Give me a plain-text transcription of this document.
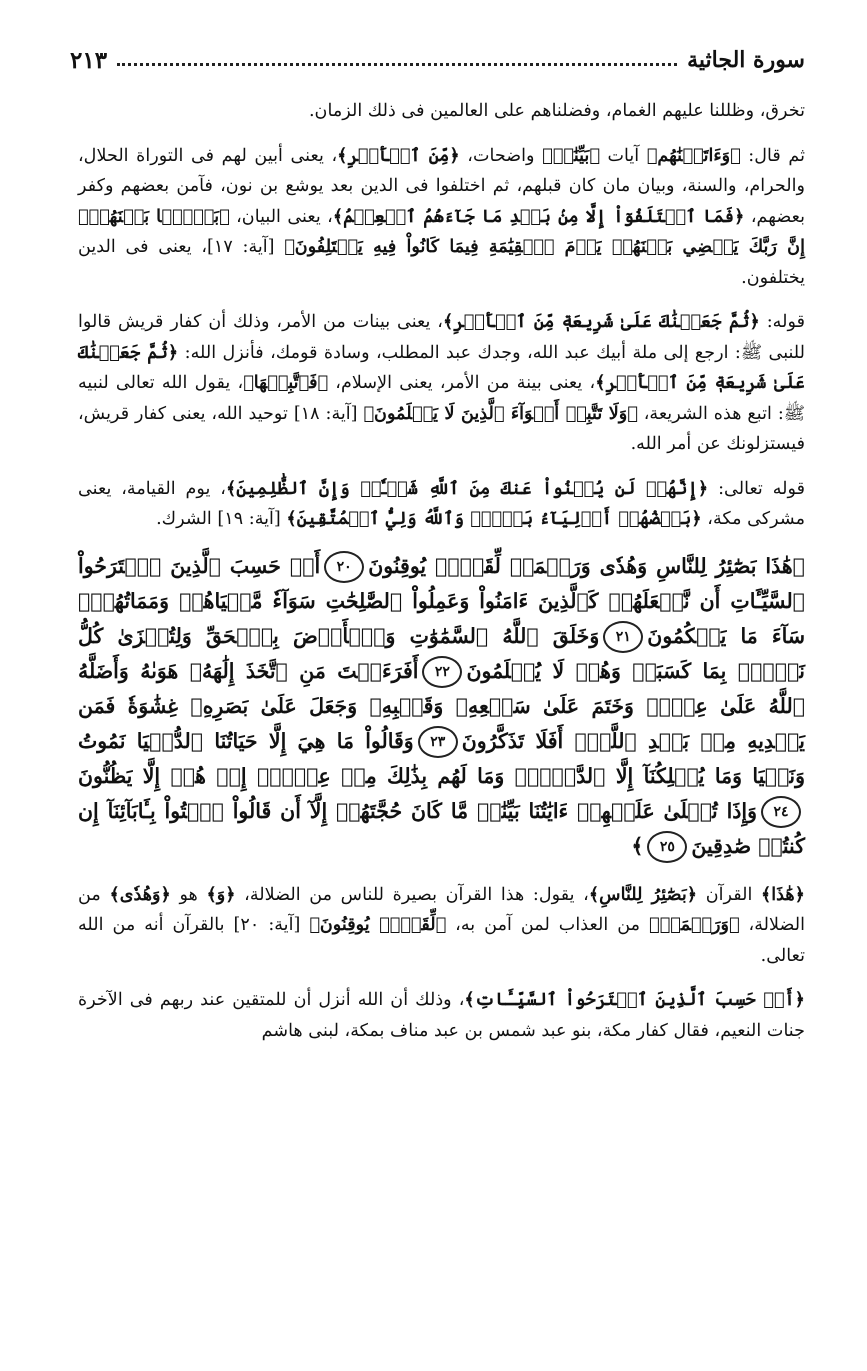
سورة الجاثية
٢١٣

تخرق، وظللنا عليهم الغمام، وفضلناهم على العالمين فى ذلك الزمان.

ثم قال: ﴿وَءَاتَيۡنَٰهُم﴾ آيات ﴿بَيِّنَٰتٖ﴾ واضحات، ﴿مِّنَ ٱلۡأَمۡرِ﴾، يعنى أبين لهم فى التوراة الحلال، والحرام، والسنة، وبيان مان كان قبلهم، ثم اختلفوا فى الدين بعد يوشع بن نون، فآمن بعضهم وكفر بعضهم، ﴿فَمَا ٱخۡتَلَفُوٓاْ إِلَّا مِنۢ بَعۡدِ مَا جَآءَهُمُ ٱلۡعِلۡمُ﴾، يعنى البيان، ﴿بَغۡيَۢا بَيۡنَهُمۡۚ إِنَّ رَبَّكَ يَقۡضِي بَيۡنَهُمۡ يَوۡمَ ٱلۡقِيَٰمَةِ فِيمَا كَانُواْ فِيهِ يَخۡتَلِفُونَ﴾ [آية: ١٧]، يعنى فى الدين يختلفون.

قوله: ﴿ثُمَّ جَعَلۡنَٰكَ عَلَىٰ شَرِيعَةٖ مِّنَ ٱلۡأَمۡرِ﴾، يعنى بينات من الأمر، وذلك أن كفار قريش قالوا للنبى ﷺ: ارجع إلى ملة أبيك عبد الله، وجدك عبد المطلب، وسادة قومك، فأنزل الله: ﴿ثُمَّ جَعَلۡنَٰكَ عَلَىٰ شَرِيعَةٖ مِّنَ ٱلۡأَمۡرِ﴾، يعنى بينة من الأمر، يعنى الإسلام، ﴿فَٱتَّبِعۡهَا﴾، يقول الله تعالى لنبيه ﷺ: اتبع هذه الشريعة، ﴿وَلَا تَتَّبِعۡ أَهۡوَآءَ ٱلَّذِينَ لَا يَعۡلَمُونَ﴾ [آية: ١٨] توحيد الله، يعنى كفار قريش، فيستزلونك عن أمر الله.

قوله تعالى: ﴿إِنَّهُمۡ لَن يُغۡنُواْ عَنكَ مِنَ ٱللَّهِ شَيۡـٔٗاۚ وَإِنَّ ٱلظَّٰلِمِينَ﴾، يوم القيامة، يعنى مشركى مكة، ﴿بَعۡضُهُمۡ أَوۡلِيَآءُ بَعۡضٖۖ وَٱللَّهُ وَلِيُّ ٱلۡمُتَّقِينَ﴾ [آية: ١٩] الشرك.

﴿هَٰذَا بَصَٰٓئِرُ لِلنَّاسِ وَهُدٗى وَرَحۡمَةٞ لِّقَوۡمٖ يُوقِنُونَ٢٠أَمۡ حَسِبَ ٱلَّذِينَ ٱجۡتَرَحُواْ ٱلسَّيِّـَٔاتِ أَن نَّجۡعَلَهُمۡ كَٱلَّذِينَ ءَامَنُواْ وَعَمِلُواْ ٱلصَّٰلِحَٰتِ سَوَآءٗ مَّحۡيَاهُمۡ وَمَمَاتُهُمۡۚ سَآءَ مَا يَحۡكُمُونَ٢١وَخَلَقَ ٱللَّهُ ٱلسَّمَٰوَٰتِ وَٱلۡأَرۡضَ بِٱلۡحَقِّ وَلِتُجۡزَىٰ كُلُّ نَفۡسِۢ بِمَا كَسَبَتۡ وَهُمۡ لَا يُظۡلَمُونَ٢٢أَفَرَءَيۡتَ مَنِ ٱتَّخَذَ إِلَٰهَهُۥ هَوَىٰهُ وَأَضَلَّهُ ٱللَّهُ عَلَىٰ عِلۡمٖ وَخَتَمَ عَلَىٰ سَمۡعِهِۦ وَقَلۡبِهِۦ وَجَعَلَ عَلَىٰ بَصَرِهِۦ غِشَٰوَةٗ فَمَن يَهۡدِيهِ مِنۢ بَعۡدِ ٱللَّهِۚ أَفَلَا تَذَكَّرُونَ٢٣وَقَالُواْ مَا هِيَ إِلَّا حَيَاتُنَا ٱلدُّنۡيَا نَمُوتُ وَنَحۡيَا وَمَا يُهۡلِكُنَآ إِلَّا ٱلدَّهۡرُۚ وَمَا لَهُم بِذَٰلِكَ مِنۡ عِلۡمٍۖ إِنۡ هُمۡ إِلَّا يَظُنُّونَ٢٤وَإِذَا تُتۡلَىٰ عَلَيۡهِمۡ ءَايَٰتُنَا بَيِّنَٰتٖ مَّا كَانَ حُجَّتَهُمۡ إِلَّآ أَن قَالُواْ ٱئۡتُواْ بِـَٔابَآئِنَآ إِن كُنتُمۡ صَٰدِقِينَ٢٥﴾

﴿هَٰذَا﴾ القرآن ﴿بَصَٰٓئِرُ لِلنَّاسِ﴾، يقول: هذا القرآن بصيرة للناس من الضلالة، ﴿وَ﴾ هو ﴿وَهُدٗى﴾ من الضلالة، ﴿وَرَحۡمَةٞ﴾ من العذاب لمن آمن به، ﴿لِّقَوۡمٖ يُوقِنُونَ﴾ [آية: ٢٠] بالقرآن أنه من الله تعالى.

﴿أَمۡ حَسِبَ ٱلَّذِينَ ٱجۡتَرَحُواْ ٱلسَّيِّـَٔاتِ﴾، وذلك أن الله أنزل أن للمتقين عند ربهم فى الآخرة جنات النعيم، فقال كفار مكة، بنو عبد شمس بن عبد مناف بمكة، لبنى هاشم
